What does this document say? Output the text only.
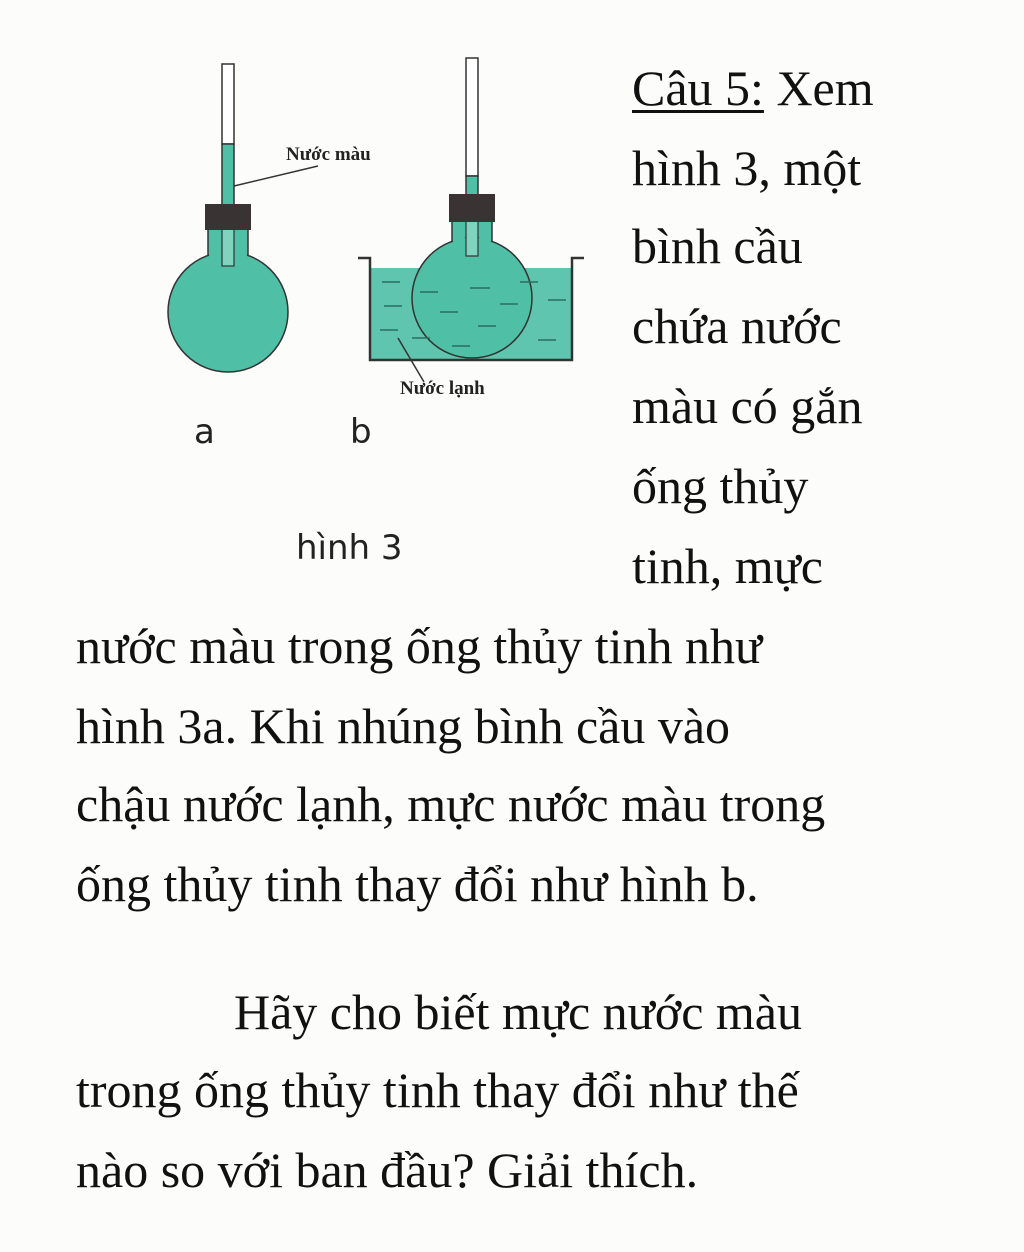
Nước màu
Nước lạnh
a	b
hình 3
Câu 5: Xem
hình 3, một
bình cầu
chứa nước
màu có gắn
ống thủy
tinh, mực
nước màu trong ống thủy tinh như
hình 3a. Khi nhúng bình cầu vào
chậu nước lạnh, mực nước màu trong
ống thủy tinh thay đổi như hình b.
Hãy cho biết mực nước màu
trong ống thủy tinh thay đổi như thế
nào so với ban đầu? Giải thích.
